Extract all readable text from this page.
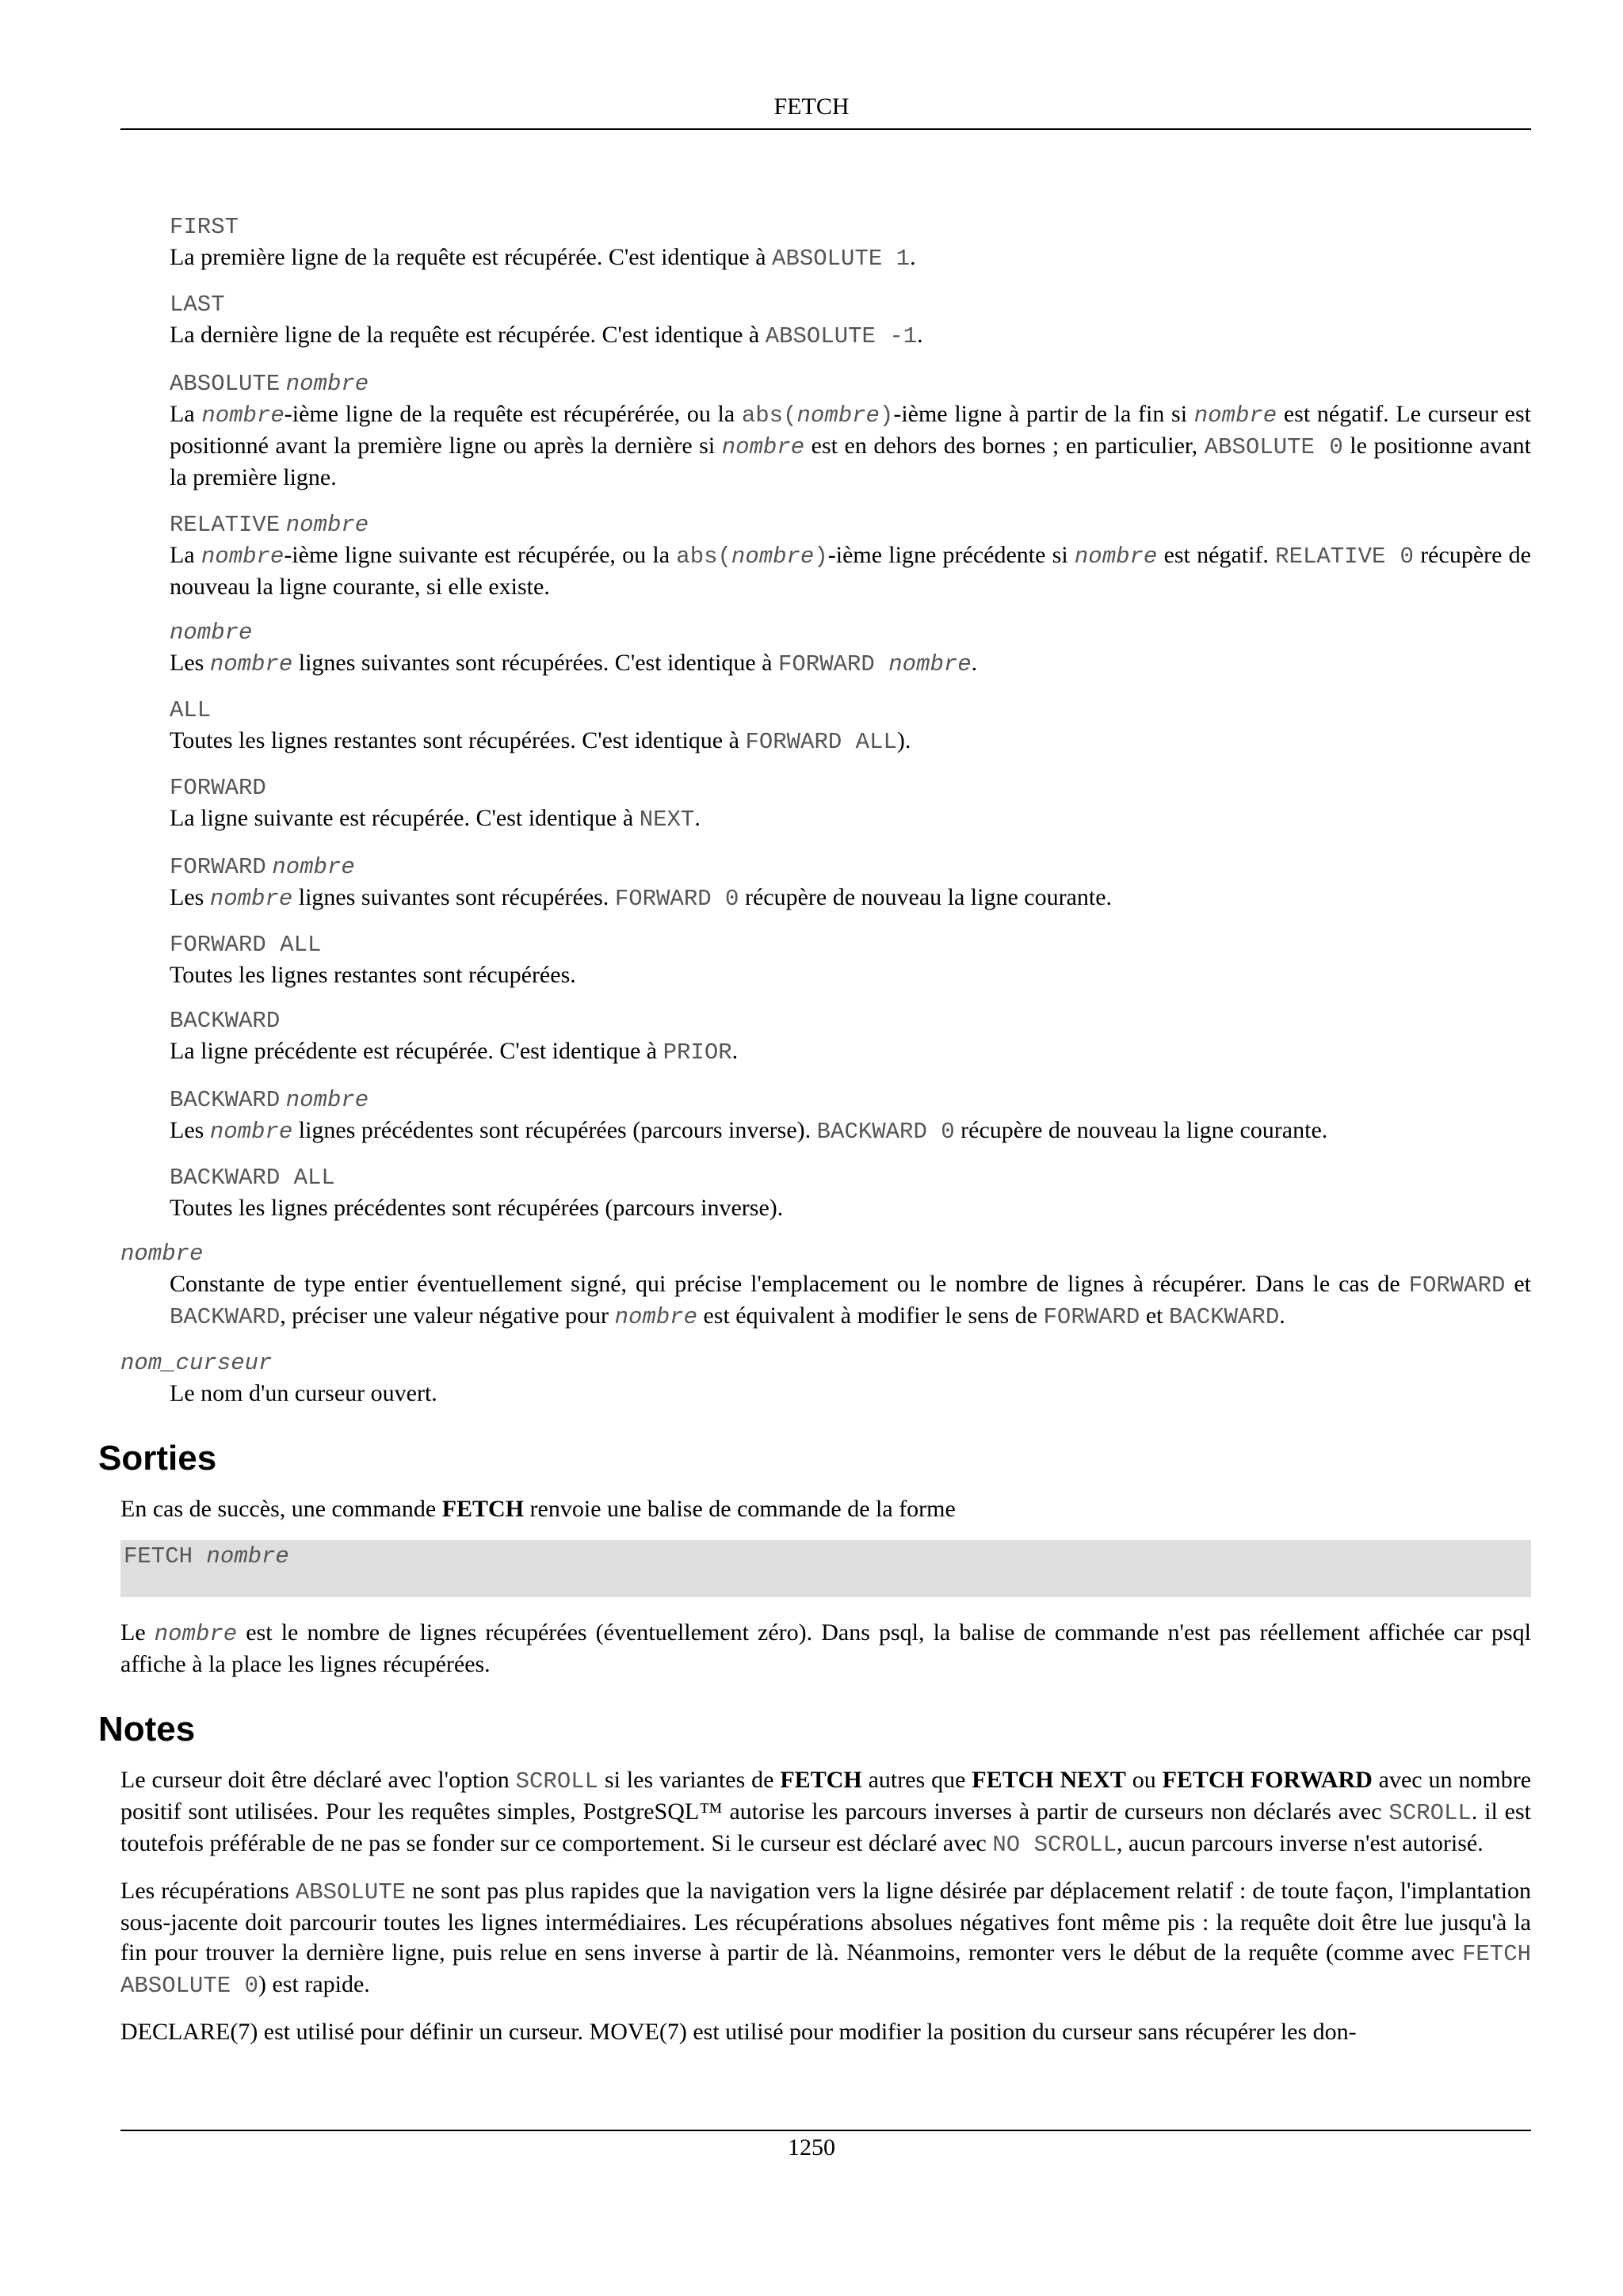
FETCH
FIRST
La première ligne de la requête est récupérée. C'est identique à ABSOLUTE 1.
LAST
La dernière ligne de la requête est récupérée. C'est identique à ABSOLUTE -1.
ABSOLUTE nombre
La nombre-ième ligne de la requête est récupérérée, ou la abs(nombre)-ième ligne à partir de la fin si nombre est négatif. Le curseur est positionné avant la première ligne ou après la dernière si nombre est en dehors des bornes ; en particulier, ABSOLUTE 0 le positionne avant la première ligne.
RELATIVE nombre
La nombre-ième ligne suivante est récupérée, ou la abs(nombre)-ième ligne précédente si nombre est négatif. RELATIVE 0 récupère de nouveau la ligne courante, si elle existe.
nombre
Les nombre lignes suivantes sont récupérées. C'est identique à FORWARD nombre.
ALL
Toutes les lignes restantes sont récupérées. C'est identique à FORWARD ALL).
FORWARD
La ligne suivante est récupérée. C'est identique à NEXT.
FORWARD nombre
Les nombre lignes suivantes sont récupérées. FORWARD 0 récupère de nouveau la ligne courante.
FORWARD ALL
Toutes les lignes restantes sont récupérées.
BACKWARD
La ligne précédente est récupérée. C'est identique à PRIOR.
BACKWARD nombre
Les nombre lignes précédentes sont récupérées (parcours inverse). BACKWARD 0 récupère de nouveau la ligne courante.
BACKWARD ALL
Toutes les lignes précédentes sont récupérées (parcours inverse).
nombre
Constante de type entier éventuellement signé, qui précise l'emplacement ou le nombre de lignes à récupérer. Dans le cas de FORWARD et BACKWARD, préciser une valeur négative pour nombre est équivalent à modifier le sens de FORWARD et BACKWARD.
nom_curseur
Le nom d'un curseur ouvert.
Sorties

En cas de succès, une commande FETCH renvoie une balise de commande de la forme

FETCH nombre

Le nombre est le nombre de lignes récupérées (éventuellement zéro). Dans psql, la balise de commande n'est pas réellement affichée car psql affiche à la place les lignes récupérées.

Notes

Le curseur doit être déclaré avec l'option SCROLL si les variantes de FETCH autres que FETCH NEXT ou FETCH FORWARD avec un nombre positif sont utilisées. Pour les requêtes simples, PostgreSQL™ autorise les parcours inverses à partir de curseurs non déclarés avec SCROLL. il est toutefois préférable de ne pas se fonder sur ce comportement. Si le curseur est déclaré avec NO SCROLL, aucun parcours inverse n'est autorisé.

Les récupérations ABSOLUTE ne sont pas plus rapides que la navigation vers la ligne désirée par déplacement relatif : de toute façon, l'implantation sous-jacente doit parcourir toutes les lignes intermédiaires. Les récupérations absolues négatives font même pis : la requête doit être lue jusqu'à la fin pour trouver la dernière ligne, puis relue en sens inverse à partir de là. Néanmoins, remonter vers le début de la requête (comme avec FETCH ABSOLUTE 0) est rapide.

DECLARE(7) est utilisé pour définir un curseur. MOVE(7) est utilisé pour modifier la position du curseur sans récupérer les don-

1250
